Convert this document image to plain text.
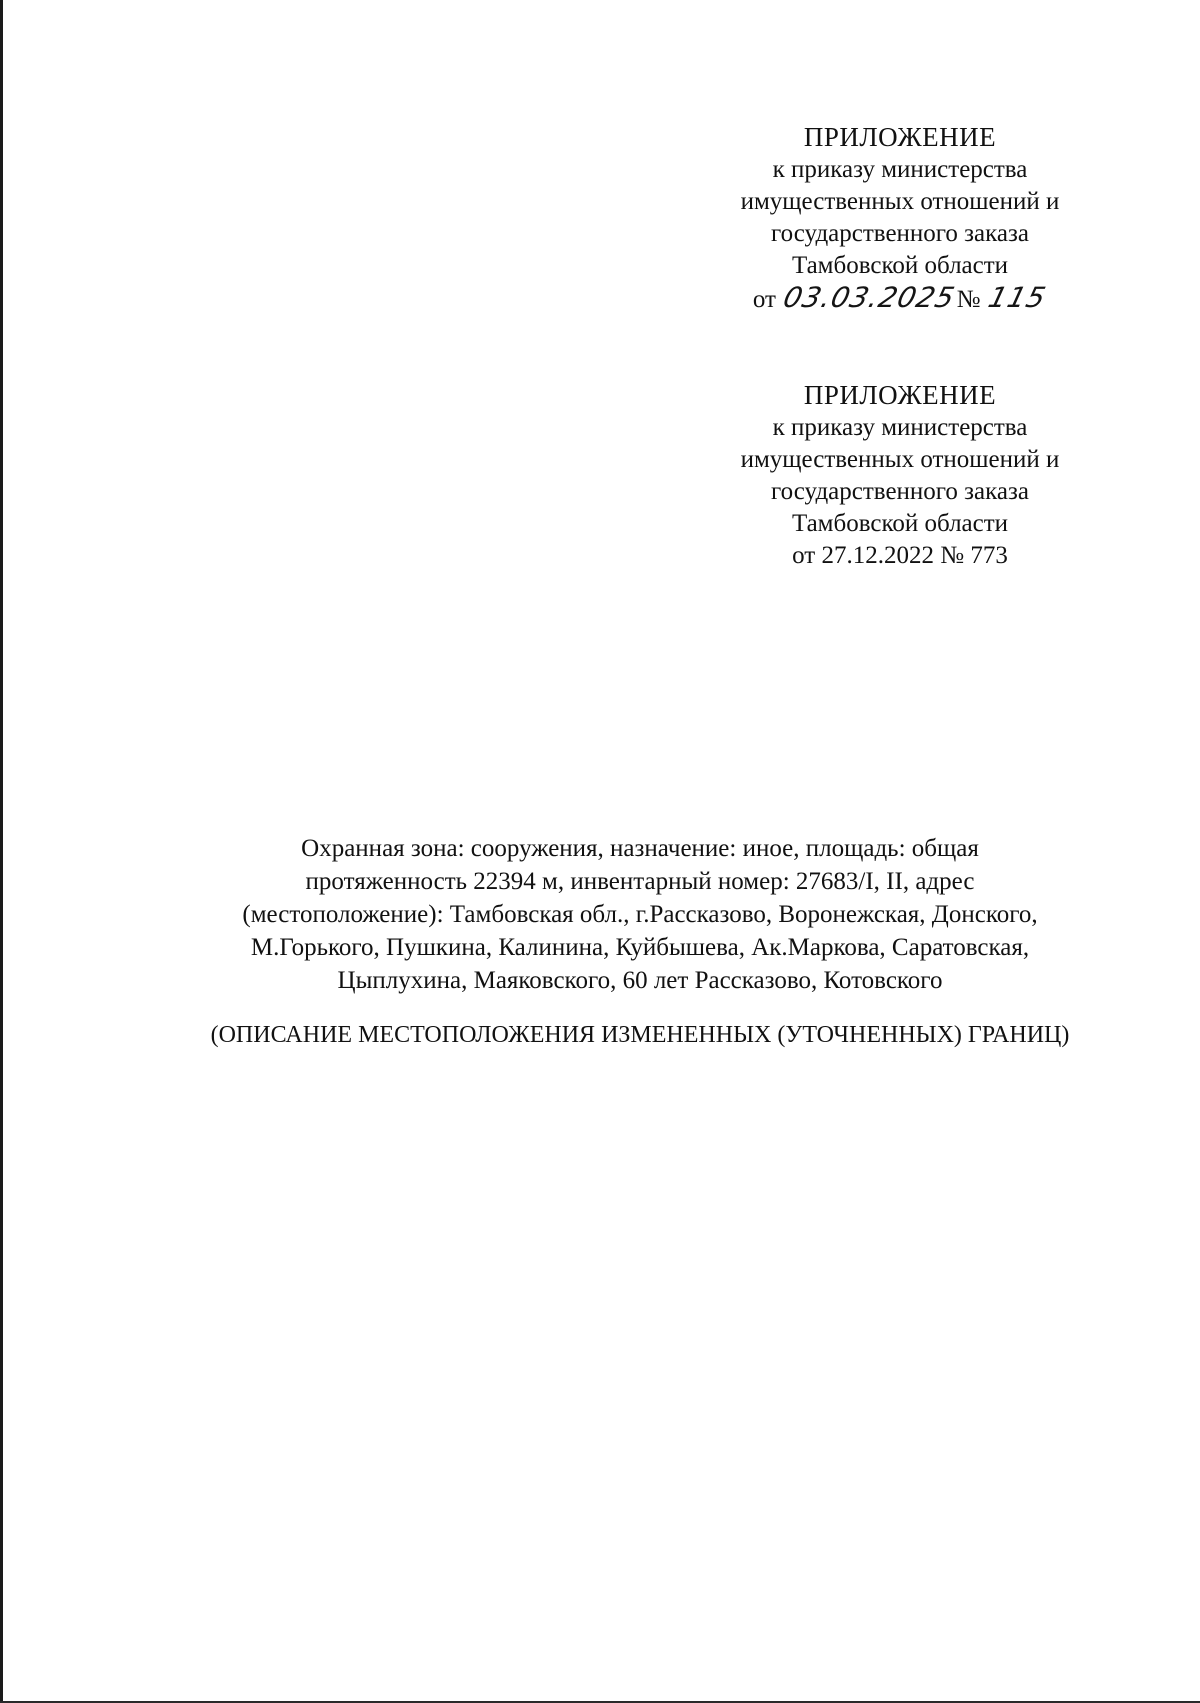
ПРИЛОЖЕНИЕ
к приказу министерства
имущественных отношений и
государственного заказа
Тамбовской области
от 03.03.2025№ 115
ПРИЛОЖЕНИЕ
к приказу министерства
имущественных отношений и
государственного заказа
Тамбовской области
от 27.12.2022 № 773
Охранная зона: сооружения, назначение: иное, площадь: общая
протяженность 22394 м, инвентарный номер: 27683/I, II, адрес
(местоположение): Тамбовская обл., г.Рассказово, Воронежская, Донского,
М.Горького, Пушкина, Калинина, Куйбышева, Ак.Маркова, Саратовская,
Цыплухина, Маяковского, 60 лет Рассказово, Котовского
(ОПИСАНИЕ МЕСТОПОЛОЖЕНИЯ ИЗМЕНЕННЫХ (УТОЧНЕННЫХ) ГРАНИЦ)
